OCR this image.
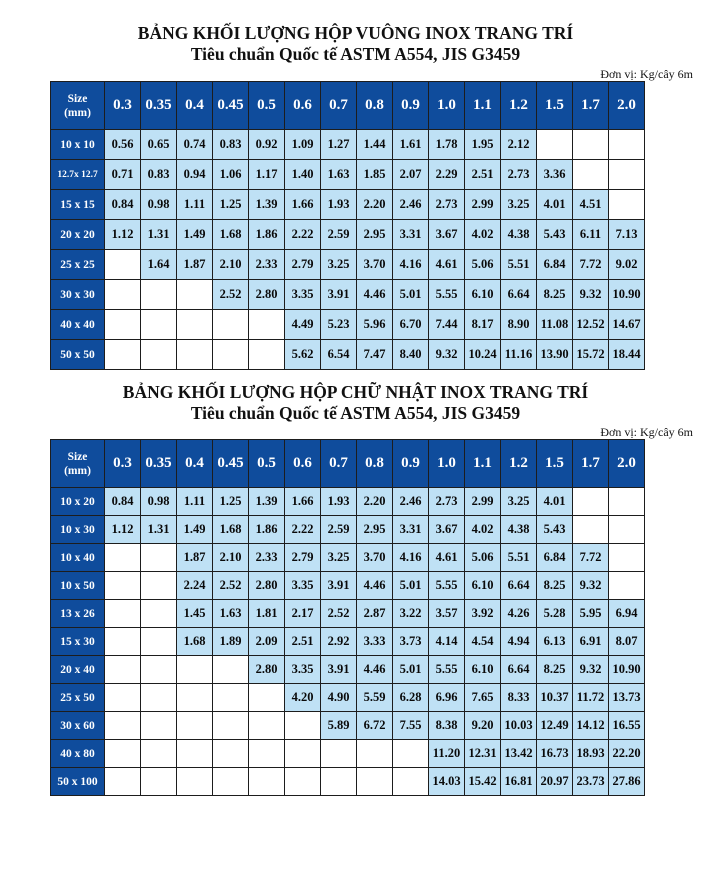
BẢNG KHỐI LƯỢNG HỘP VUÔNG INOX TRANG TRÍ
Tiêu chuẩn Quốc tế ASTM A554, JIS G3459
Đơn vị: Kg/cây 6m
Size
(mm)	0.3	0.35	0.4	0.45	0.5	0.6	0.7	0.8	0.9	1.0	1.1	1.2	1.5	1.7	2.0
10 x 10	0.56	0.65	0.74	0.83	0.92	1.09	1.27	1.44	1.61	1.78	1.95	2.12			
12.7x 12.7	0.71	0.83	0.94	1.06	1.17	1.40	1.63	1.85	2.07	2.29	2.51	2.73	3.36		
15 x 15	0.84	0.98	1.11	1.25	1.39	1.66	1.93	2.20	2.46	2.73	2.99	3.25	4.01	4.51	
20 x 20	1.12	1.31	1.49	1.68	1.86	2.22	2.59	2.95	3.31	3.67	4.02	4.38	5.43	6.11	7.13
25 x 25		1.64	1.87	2.10	2.33	2.79	3.25	3.70	4.16	4.61	5.06	5.51	6.84	7.72	9.02
30 x 30				2.52	2.80	3.35	3.91	4.46	5.01	5.55	6.10	6.64	8.25	9.32	10.90
40 x 40						4.49	5.23	5.96	6.70	7.44	8.17	8.90	11.08	12.52	14.67
50 x 50						5.62	6.54	7.47	8.40	9.32	10.24	11.16	13.90	15.72	18.44
BẢNG KHỐI LƯỢNG HỘP CHỮ NHẬT INOX TRANG TRÍ
Tiêu chuẩn Quốc tế ASTM A554, JIS G3459
Đơn vị: Kg/cây 6m
Size
(mm)	0.3	0.35	0.4	0.45	0.5	0.6	0.7	0.8	0.9	1.0	1.1	1.2	1.5	1.7	2.0
10 x 20	0.84	0.98	1.11	1.25	1.39	1.66	1.93	2.20	2.46	2.73	2.99	3.25	4.01		
10 x 30	1.12	1.31	1.49	1.68	1.86	2.22	2.59	2.95	3.31	3.67	4.02	4.38	5.43		
10 x 40			1.87	2.10	2.33	2.79	3.25	3.70	4.16	4.61	5.06	5.51	6.84	7.72	
10 x 50			2.24	2.52	2.80	3.35	3.91	4.46	5.01	5.55	6.10	6.64	8.25	9.32	
13 x 26			1.45	1.63	1.81	2.17	2.52	2.87	3.22	3.57	3.92	4.26	5.28	5.95	6.94
15 x 30			1.68	1.89	2.09	2.51	2.92	3.33	3.73	4.14	4.54	4.94	6.13	6.91	8.07
20 x 40					2.80	3.35	3.91	4.46	5.01	5.55	6.10	6.64	8.25	9.32	10.90
25 x 50						4.20	4.90	5.59	6.28	6.96	7.65	8.33	10.37	11.72	13.73
30 x 60							5.89	6.72	7.55	8.38	9.20	10.03	12.49	14.12	16.55
40 x 80										11.20	12.31	13.42	16.73	18.93	22.20
50 x 100										14.03	15.42	16.81	20.97	23.73	27.86
